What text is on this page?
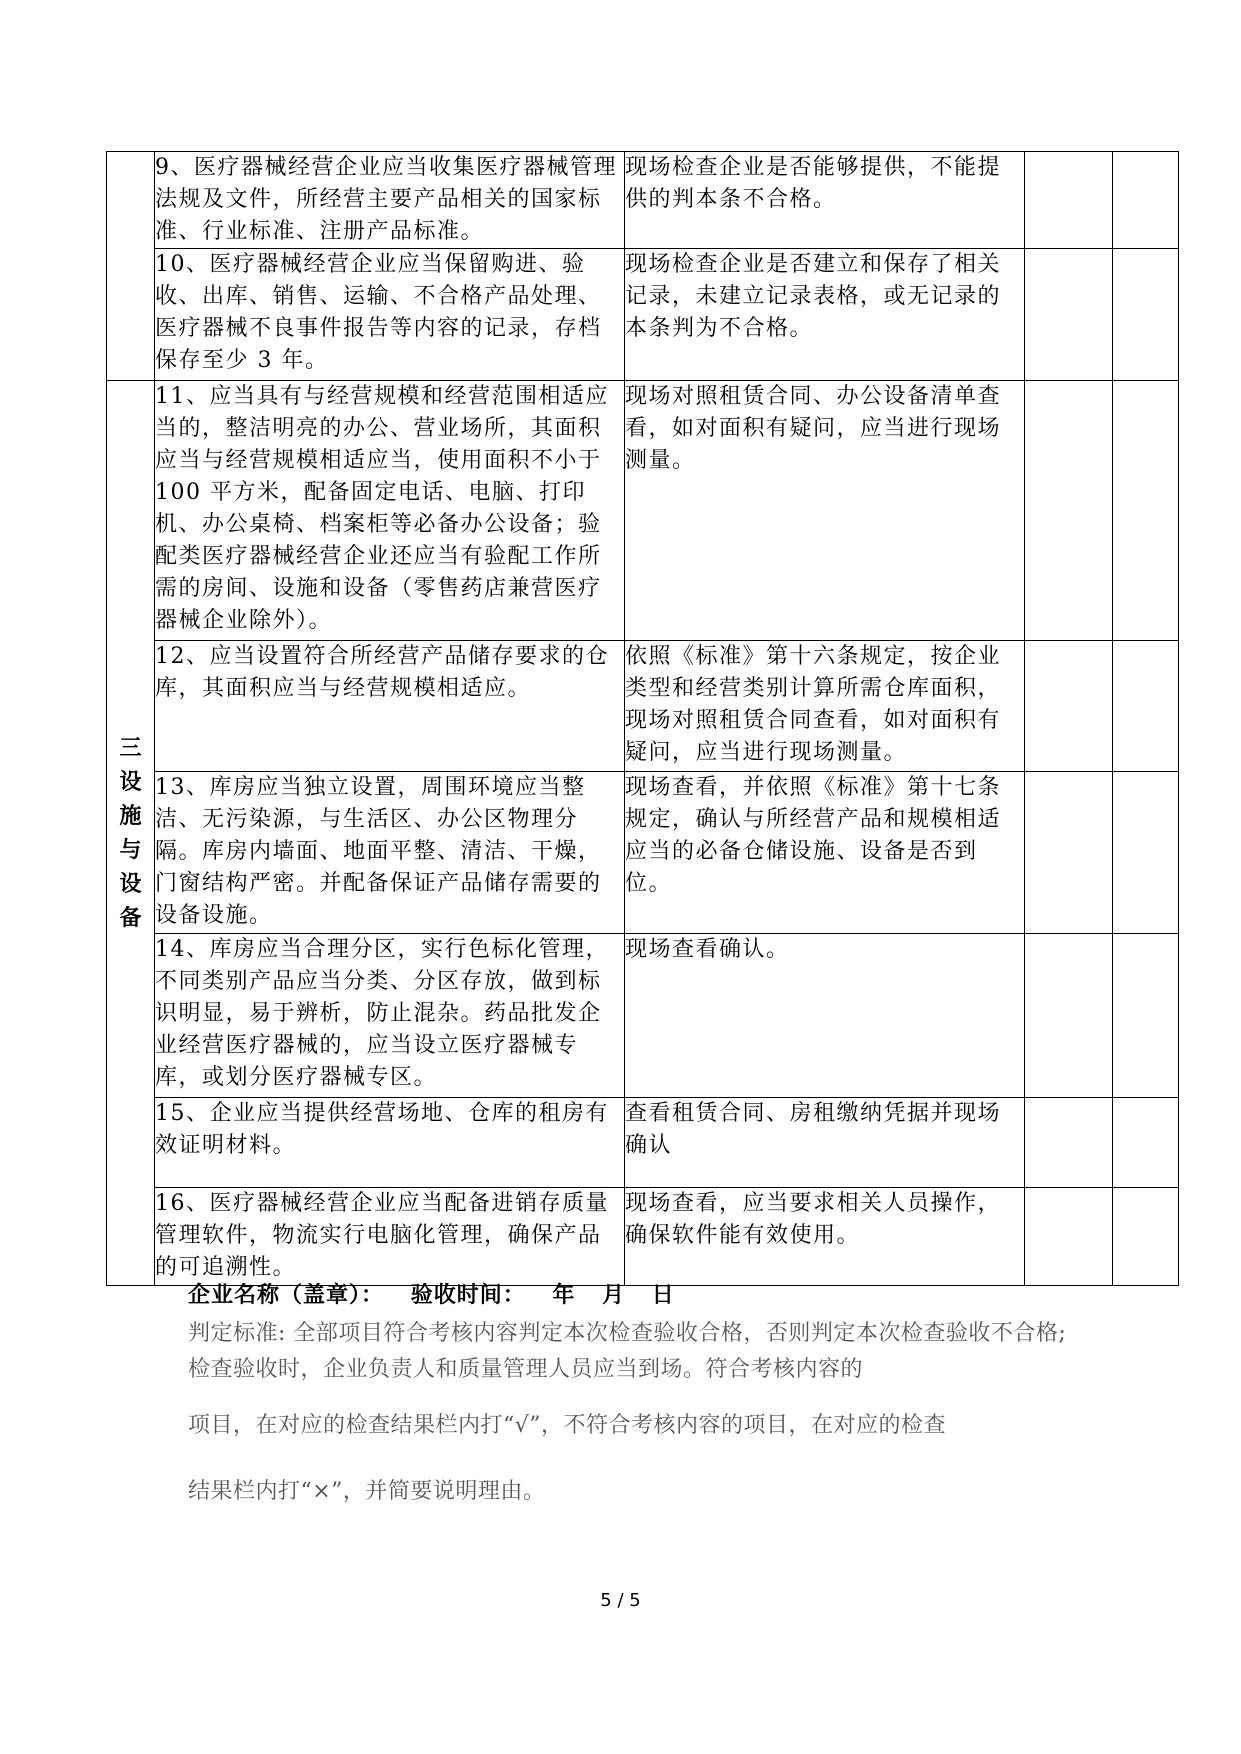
	9、医疗器械经营企业应当收集医疗器械管理法规及文件，所经营主要产品相关的国家标准、行业标准、注册产品标准。	现场检查企业是否能够提供，不能提供的判本条不合格。		
	10、医疗器械经营企业应当保留购进、验收、出库、销售、运输、不合格产品处理、医疗器械不良事件报告等内容的记录，存档保存至少 3 年。	现场检查企业是否建立和保存了相关记录，未建立记录表格，或无记录的本条判为不合格。		
三设施与设备	11、应当具有与经营规模和经营范围相适应当的，整洁明亮的办公、营业场所，其面积应当与经营规模相适应当，使用面积不小于 100 平方米，配备固定电话、电脑、打印机、办公桌椅、档案柜等必备办公设备；验配类医疗器械经营企业还应当有验配工作所需的房间、设施和设备（零售药店兼营医疗器械企业除外）。	现场对照租赁合同、办公设备清单查看，如对面积有疑问，应当进行现场测量。		
	12、应当设置符合所经营产品储存要求的仓库，其面积应当与经营规模相适应。	依照《标准》第十六条规定，按企业类型和经营类别计算所需仓库面积，现场对照租赁合同查看，如对面积有疑问，应当进行现场测量。		
	13、库房应当独立设置，周围环境应当整洁、无污染源，与生活区、办公区物理分隔。库房内墙面、地面平整、清洁、干燥，门窗结构严密。并配备保证产品储存需要的设备设施。	现场查看，并依照《标准》第十七条规定，确认与所经营产品和规模相适应当的必备仓储设施、设备是否到位。		
	14、库房应当合理分区，实行色标化管理，不同类别产品应当分类、分区存放，做到标识明显，易于辨析，防止混杂。药品批发企业经营医疗器械的，应当设立医疗器械专库，或划分医疗器械专区。	现场查看确认。		
	15、企业应当提供经营场地、仓库的租房有效证明材料。	查看租赁合同、房租缴纳凭据并现场确认		
	16、医疗器械经营企业应当配备进销存质量管理软件，物流实行电脑化管理，确保产品的可追溯性。	现场查看，应当要求相关人员操作，确保软件能有效使用。		
企业名称（盖章）： 验收时间： 年 月 日
判定标准: 全部项目符合考核内容判定本次检查验收合格，否则判定本次检查验收不合格; 检查验收时，企业负责人和质量管理人员应当到场。符合考核内容的
项目，在对应的检查结果栏内打“√”，不符合考核内容的项目，在对应的检查
结果栏内打“×”，并简要说明理由。
5 / 5
